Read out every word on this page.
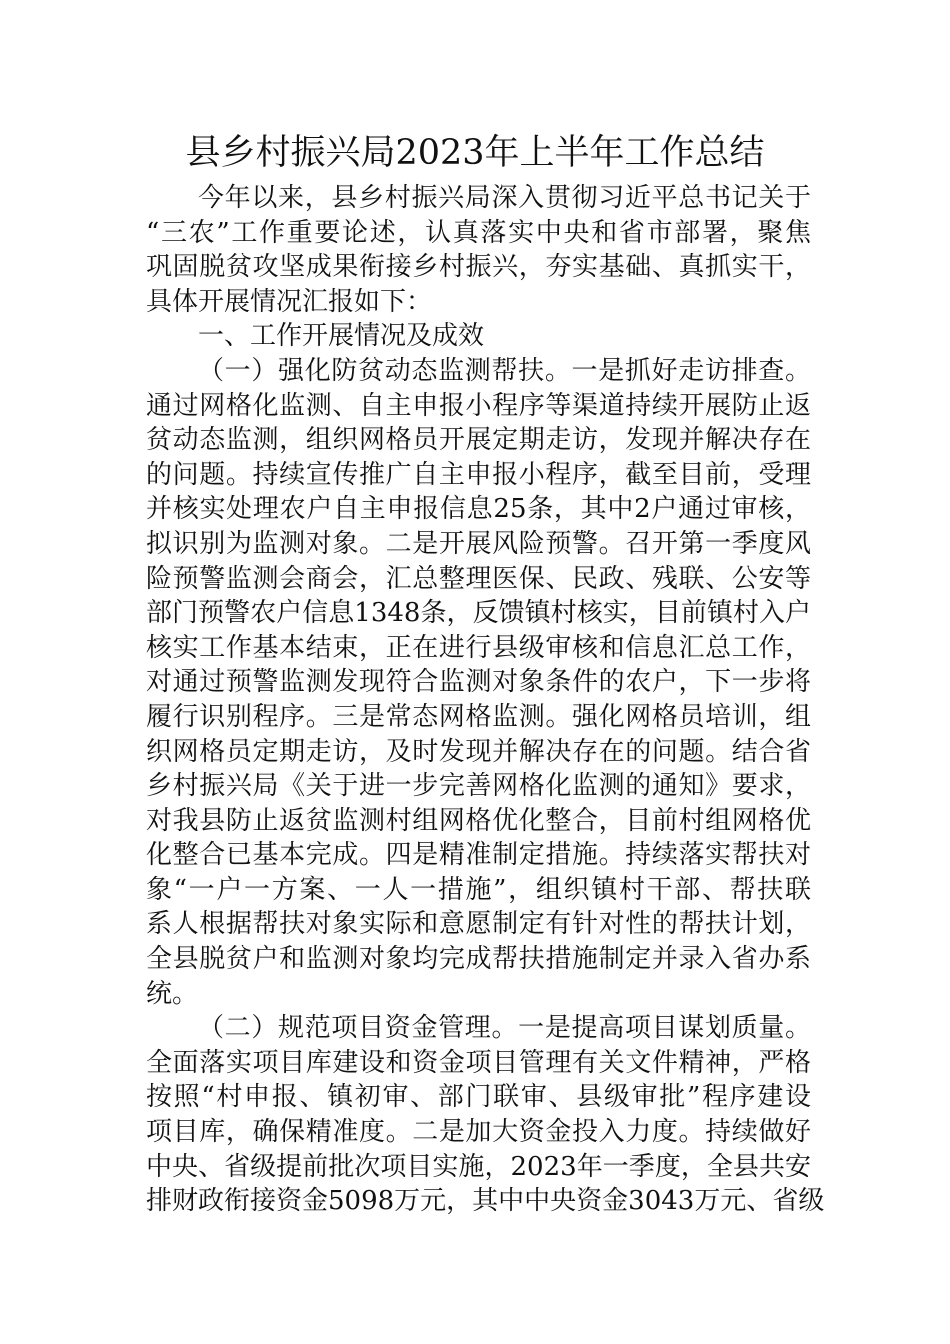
县乡村振兴局2023年上半年工作总结
今年以来，县乡村振兴局深入贯彻习近平总书记关于
“三农”工作重要论述，认真落实中央和省市部署，聚焦
巩固脱贫攻坚成果衔接乡村振兴，夯实基础、真抓实干，
具体开展情况汇报如下：
一、工作开展情况及成效
（一）强化防贫动态监测帮扶。一是抓好走访排查。
通过网格化监测、自主申报小程序等渠道持续开展防止返
贫动态监测，组织网格员开展定期走访，发现并解决存在
的问题。持续宣传推广自主申报小程序，截至目前，受理
并核实处理农户自主申报信息25条，其中2户通过审核，
拟识别为监测对象。二是开展风险预警。召开第一季度风
险预警监测会商会，汇总整理医保、民政、残联、公安等
部门预警农户信息1348条，反馈镇村核实，目前镇村入户
核实工作基本结束，正在进行县级审核和信息汇总工作，
对通过预警监测发现符合监测对象条件的农户，下一步将
履行识别程序。三是常态网格监测。强化网格员培训，组
织网格员定期走访，及时发现并解决存在的问题。结合省
乡村振兴局《关于进一步完善网格化监测的通知》要求，
对我县防止返贫监测村组网格优化整合，目前村组网格优
化整合已基本完成。四是精准制定措施。持续落实帮扶对
象“一户一方案、一人一措施”，组织镇村干部、帮扶联
系人根据帮扶对象实际和意愿制定有针对性的帮扶计划，
全县脱贫户和监测对象均完成帮扶措施制定并录入省办系
统。
（二）规范项目资金管理。一是提高项目谋划质量。
全面落实项目库建设和资金项目管理有关文件精神，严格
按照“村申报、镇初审、部门联审、县级审批”程序建设
项目库，确保精准度。二是加大资金投入力度。持续做好
中央、省级提前批次项目实施，2023年一季度，全县共安
排财政衔接资金5098万元，其中中央资金3043万元、省级
